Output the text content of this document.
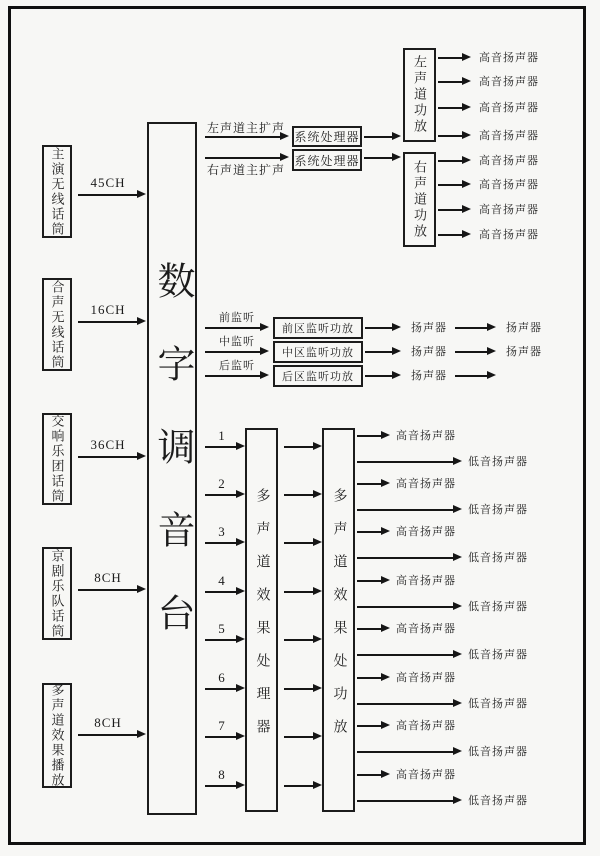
主演无线话筒	45CH
合声无线话筒	16CH
交响乐团话筒	36CH
京剧乐队话筒	8CH
多声道效果播放	8CH
数字调音台
左声道主扩声
右声道主扩声
系统处理器
系统处理器
左声道功放
右声道功放
高音扬声器
高音扬声器
高音扬声器
高音扬声器
高音扬声器
高音扬声器
高音扬声器
高音扬声器
前监听
前区监听功放	扬声器	扬声器
中监听
中区监听功放	扬声器	扬声器
后监听
后区监听功放	扬声器
1
2
3
4
5
6
7
8
多声道效果处理器	多声道效果处功放
高音扬声器
低音扬声器
高音扬声器
低音扬声器
高音扬声器
低音扬声器
高音扬声器
低音扬声器
高音扬声器
低音扬声器
高音扬声器
低音扬声器
高音扬声器
低音扬声器
高音扬声器
低音扬声器
